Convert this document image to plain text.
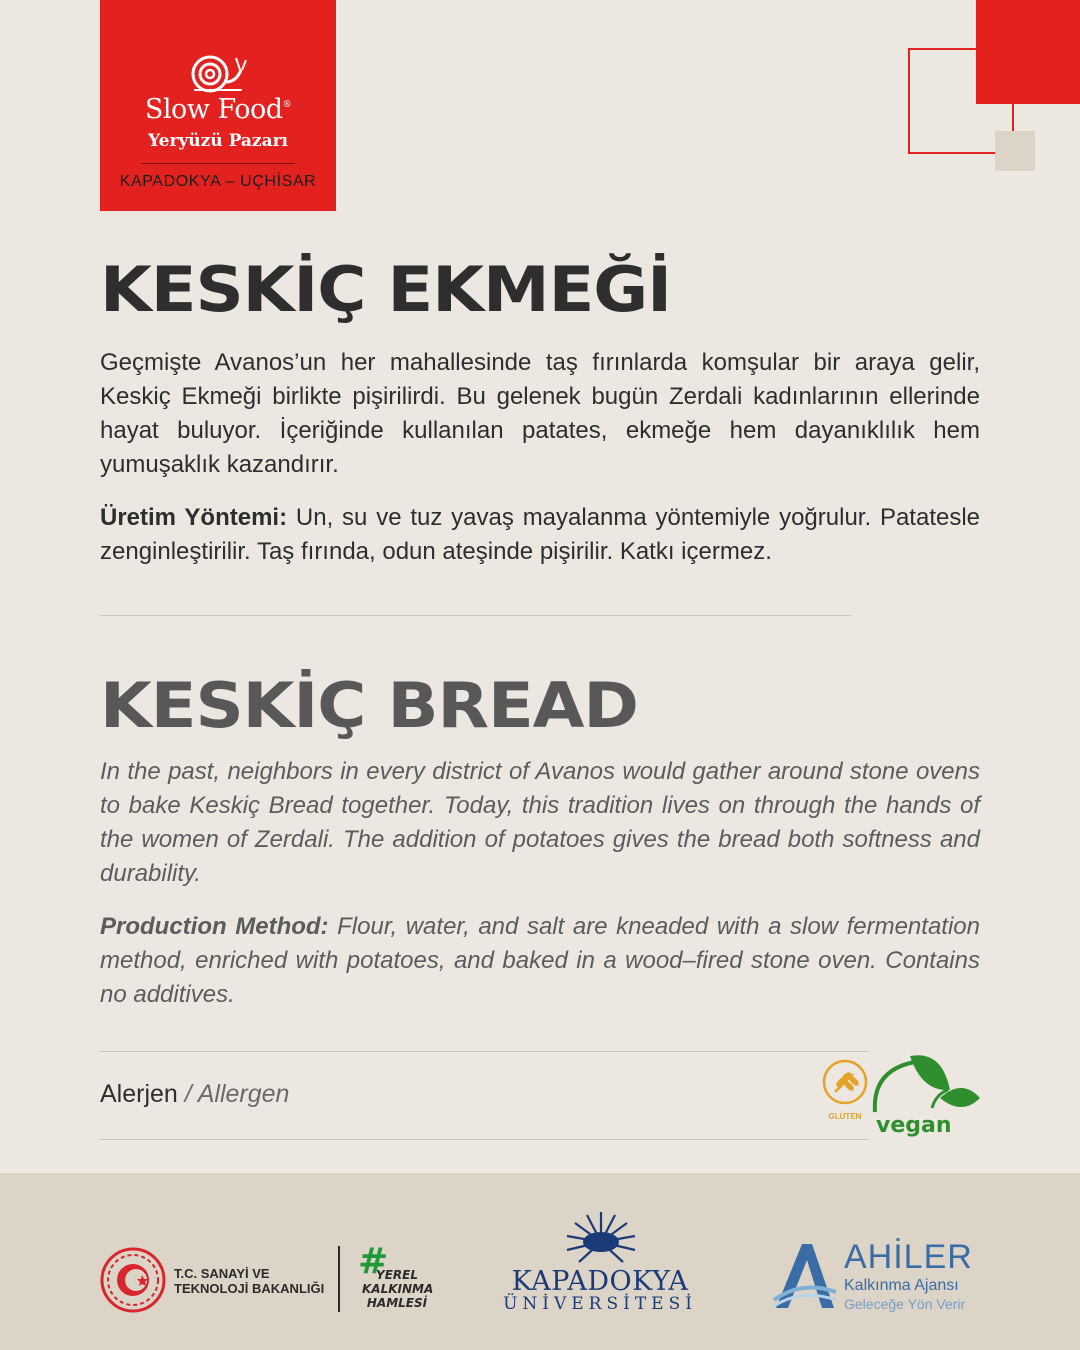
Slow Food®
Yeryüzü Pazarı
KAPADOKYA – UÇHİSAR
KESKİÇ EKMEĞİ

Geçmişte Avanos’un her mahallesinde taş fırınlarda komşular bir araya gelir, Keskiç Ekmeği birlikte pişirilirdi. Bu gelenek bugün Zerdali kadınlarının ellerinde hayat buluyor. İçeriğinde kullanılan patates, ekmeğe hem dayanıklılık hem yumuşaklık kazandırır.

Üretim Yöntemi: Un, su ve tuz yavaş mayalanma yöntemiyle yoğrulur. Patatesle zenginleştirilir. Taş fırında, odun ateşinde pişirilir. Katkı içermez.

KESKİÇ BREAD

In the past, neighbors in every district of Avanos would gather around stone ovens to bake Keskiç Bread together. Today, this tradition lives on through the hands of the women of Zerdali. The addition of potatoes gives the bread both softness and durability.

Production Method: Flour, water, and salt are kneaded with a slow fermentation method, enriched with potatoes, and baked in a wood–fired stone oven. Contains no additives.

Alerjen / Allergen
GLUTEN vegan
T.C. SANAYİ VE
TEKNOLOJİ BAKANLIĞI
#
YEREL
KALKINMA
HAMLESİ
KAPADOKYA
ÜNİVERSİTESİ
AHİLER
Kalkınma Ajansı
Geleceğe Yön Verir
